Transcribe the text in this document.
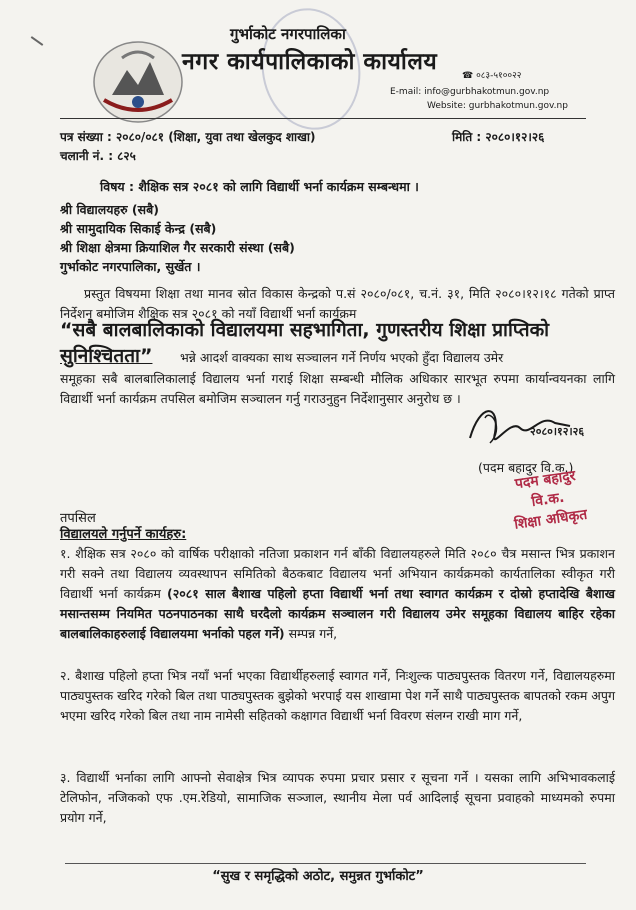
गुर्भाकोट नगरपालिका
नगर कार्यपालिकाको कार्यालय
☎ ०८३-५१००२२
E-mail: info@gurbhakotmun.gov.np
Website: gurbhakotmun.gov.np
पत्र संख्या : २०८०/०८१ (शिक्षा, युवा तथा खेलकुद शाखा)
चलानी नं. : ८२५
मिति : २०८०।१२।२६
विषय : शैक्षिक सत्र २०८१ को लागि विद्यार्थी भर्ना कार्यक्रम सम्बन्धमा ।
श्री विद्यालयहरु (सबै)
श्री सामुदायिक सिकाई केन्द्र (सबै)
श्री शिक्षा क्षेत्रमा क्रियाशिल गैर सरकारी संस्था (सबै)
गुर्भाकोट नगरपालिका, सुर्खेत ।
प्रस्तुत विषयमा शिक्षा तथा मानव स्रोत विकास केन्द्रको प.सं २०८०/०८१, च.नं. ३१, मिति २०८०।१२।१८ गतेको प्राप्त निर्देशन बमोजिम शैक्षिक सत्र २०८१ को नयाँ विद्यार्थी भर्ना कार्यक्रम
“सबै बालबालिकाको विद्यालयमा सहभागिता, गुणस्तरीय शिक्षा प्राप्तिको
सुनिश्चितता” भन्ने आदर्श वाक्यका साथ सञ्चालन गर्ने निर्णय भएको हुँदा विद्यालय उमेर
समूहका सबै बालबालिकालाई विद्यालय भर्ना गराई शिक्षा सम्बन्धी मौलिक अधिकार सारभूत रुपमा कार्यान्वयनका लागि विद्यार्थी भर्ना कार्यक्रम तपसिल बमोजिम सञ्चालन गर्नु गराउनुहुन निर्देशानुसार अनुरोध छ ।
२०८०।१२।२६
(पदम बहादुर वि.क.)
पदम बहादुर वि.क.
शिक्षा अधिकृत
तपसिल
विद्यालयले गर्नुपर्ने कार्यहरु:
१. शैक्षिक सत्र २०८० को वार्षिक परीक्षाको नतिजा प्रकाशन गर्न बाँकी विद्यालयहरुले मिति २०८० चैत्र मसान्त भित्र प्रकाशन गरी सक्ने तथा विद्यालय व्यवस्थापन समितिको बैठकबाट विद्यालय भर्ना अभियान कार्यक्रमको कार्यतालिका स्वीकृत गरी विद्यार्थी भर्ना कार्यक्रम (२०८१ साल बैशाख पहिलो हप्ता विद्यार्थी भर्ना तथा स्वागत कार्यक्रम र दोस्रो हप्तादेखि बैशाख मसान्तसम्म नियमित पठनपाठनका साथै घरदैलो कार्यक्रम सञ्चालन गरी विद्यालय उमेर समूहका विद्यालय बाहिर रहेका बालबालिकाहरुलाई विद्यालयमा भर्नाको पहल गर्ने) सम्पन्न गर्ने,
२. बैशाख पहिलो हप्ता भित्र नयाँ भर्ना भएका विद्यार्थीहरुलाई स्वागत गर्ने, निःशुल्क पाठ्यपुस्तक वितरण गर्ने, विद्यालयहरुमा पाठ्यपुस्तक खरिद गरेको बिल तथा पाठ्यपुस्तक बुझेको भरपाई यस शाखामा पेश गर्ने साथै पाठ्यपुस्तक बापतको रकम अपुग भएमा खरिद गरेको बिल तथा नाम नामेसी सहितको कक्षागत विद्यार्थी भर्ना विवरण संलग्न राखी माग गर्ने,
३. विद्यार्थी भर्नाका लागि आफ्नो सेवाक्षेत्र भित्र व्यापक रुपमा प्रचार प्रसार र सूचना गर्ने । यसका लागि अभिभावकलाई टेलिफोन, नजिकको एफ .एम.रेडियो, सामाजिक सञ्जाल, स्थानीय मेला पर्व आदिलाई सूचना प्रवाहको माध्यमको रुपमा प्रयोग गर्ने,
“सुख र समृद्धिको अठोट, समुन्नत गुर्भाकोट”
